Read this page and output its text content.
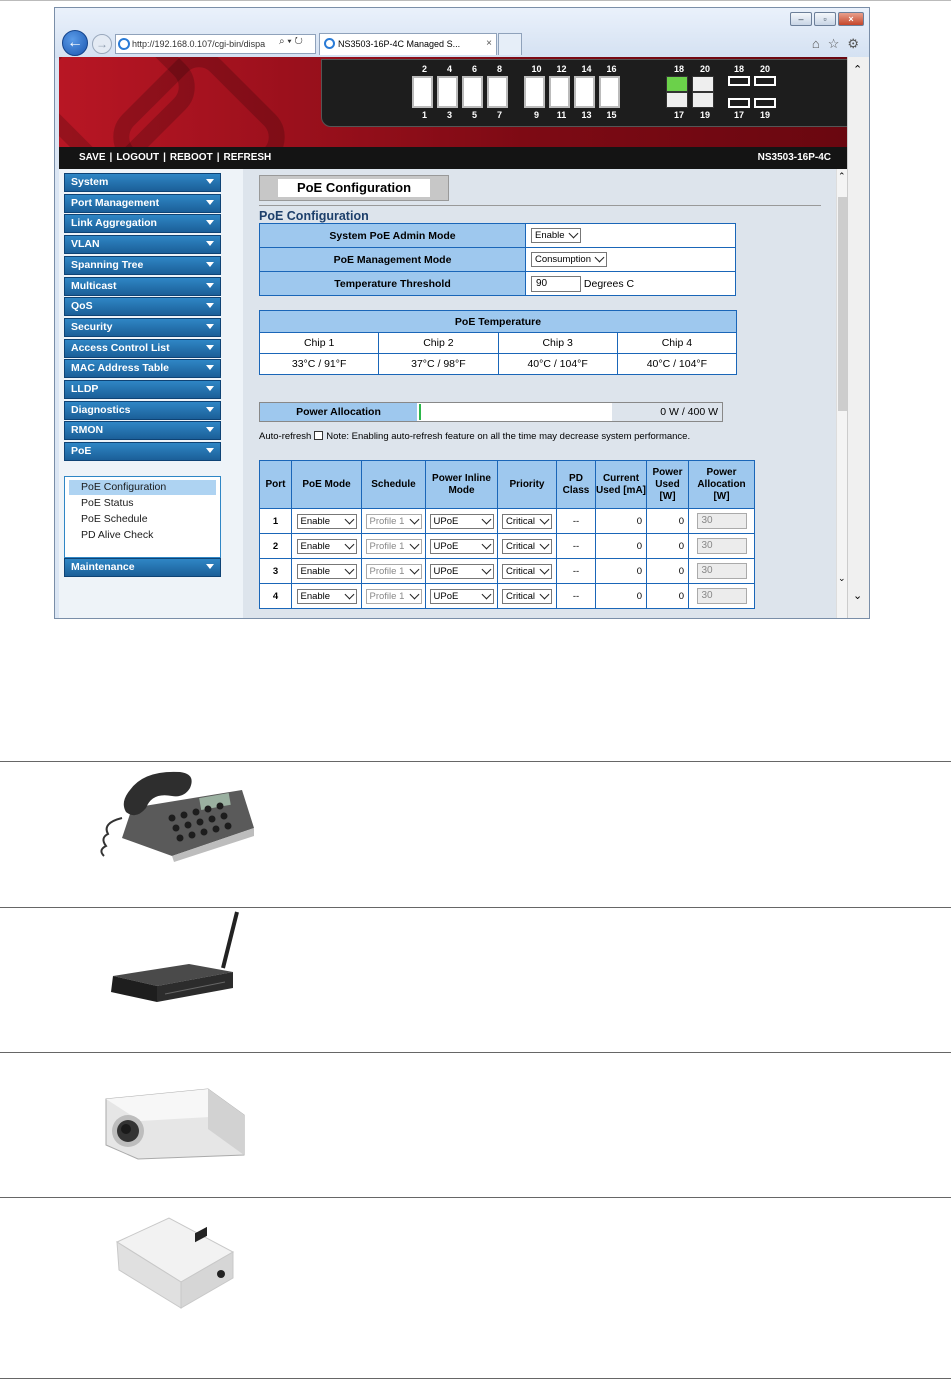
–	▫	×
←	→	http://192.168.0.107/cgi-bin/dispa	⌕ ▾ ↻	NS3503-16P-4C Managed S...	×	⌂ ☆ ⚙
2	4	6	8	10	12	14	16
1	3	5	7	9	11	13	15
18	20
17	19
18	20
17	19
SAVE | LOGOUT | REBOOT | REFRESH	NS3503-16P-4C
System
Port Management
Link Aggregation
VLAN
Spanning Tree
Multicast
QoS
Security
Access Control List
MAC Address Table
LLDP
Diagnostics
RMON
PoE
PoE Configuration
PoE Status
PoE Schedule
PD Alive Check
Maintenance
PoE Configuration
PoE Configuration
System PoE Admin Mode	Enable
PoE Management Mode	Consumption
Temperature Threshold	90 Degrees C
PoE Temperature			
Chip 1	Chip 2	Chip 3	Chip 4
33°C / 91°F	37°C / 98°F	40°C / 104°F	40°C / 104°F
Power Allocation	0 W / 400 W
Auto-refresh Note: Enabling auto-refresh feature on all the time may decrease system performance.
Port	PoE Mode	Schedule	Power Inline Mode	Priority	PD Class	Current Used [mA]	Power Used [W]	Power Allocation [W]
1	Enable	Profile 1	UPoE	Critical	--	0	0	30
2	Enable	Profile 1	UPoE	Critical	--	0	0	30
3	Enable	Profile 1	UPoE	Critical	--	0	0	30
4	Enable	Profile 1	UPoE	Critical	--	0	0	30
⌃
⌄
⌃
⌄
